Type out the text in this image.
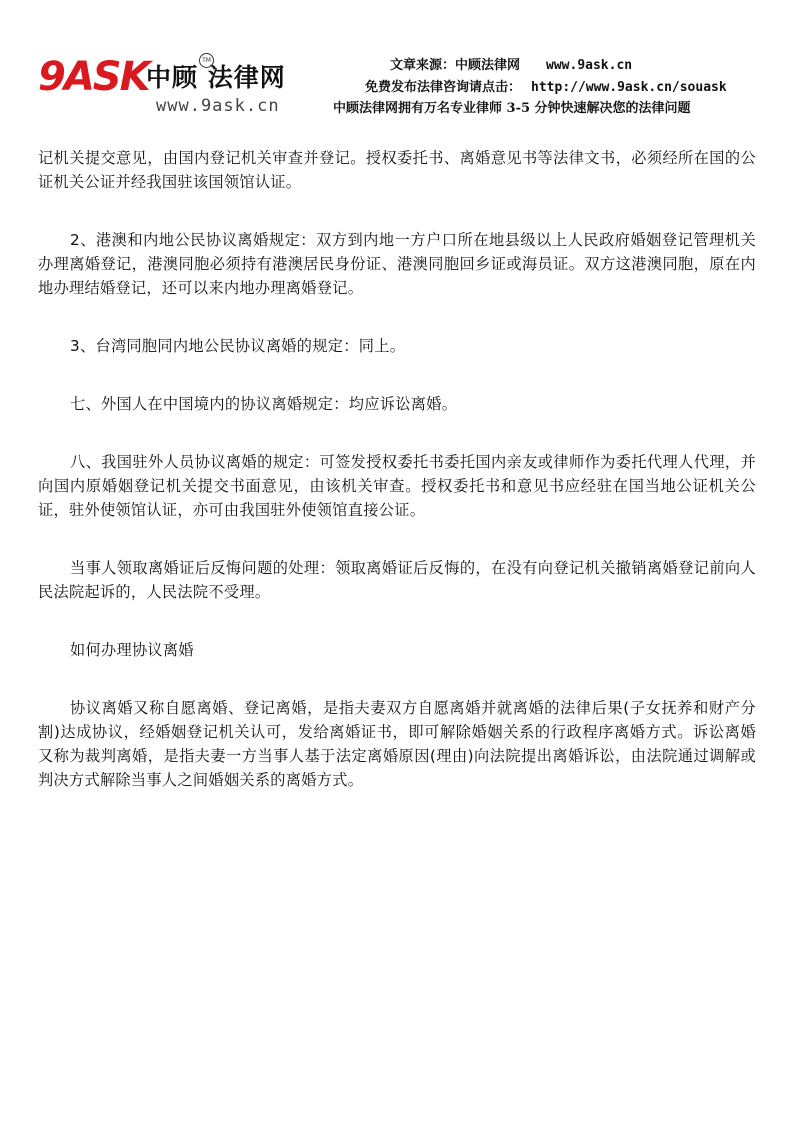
9ASK
中顾 法律网
TM
www.9ask.cn
文章来源：中顾法律网 www.9ask.cn
免费发布法律咨询请点击： http://www.9ask.cn/souask
中顾法律网拥有万名专业律师 3-5 分钟快速解决您的法律问题

记机关提交意见，由国内登记机关审查并登记。授权委托书、离婚意见书等法律文书，必须经所在国的公证机关公证并经我国驻该国领馆认证。

2、港澳和内地公民协议离婚规定：双方到内地一方户口所在地县级以上人民政府婚姻登记管理机关办理离婚登记，港澳同胞必须持有港澳居民身份证、港澳同胞回乡证或海员证。双方这港澳同胞，原在内地办理结婚登记，还可以来内地办理离婚登记。

3、台湾同胞同内地公民协议离婚的规定：同上。

七、外国人在中国境内的协议离婚规定：均应诉讼离婚。

八、我国驻外人员协议离婚的规定：可签发授权委托书委托国内亲友或律师作为委托代理人代理，并向国内原婚姻登记机关提交书面意见，由该机关审查。授权委托书和意见书应经驻在国当地公证机关公证，驻外使领馆认证，亦可由我国驻外使领馆直接公证。

当事人领取离婚证后反悔问题的处理：领取离婚证后反悔的，在没有向登记机关撤销离婚登记前向人民法院起诉的，人民法院不受理。

如何办理协议离婚

协议离婚又称自愿离婚、登记离婚，是指夫妻双方自愿离婚并就离婚的法律后果(子女抚养和财产分割)达成协议，经婚姻登记机关认可，发给离婚证书，即可解除婚姻关系的行政程序离婚方式。诉讼离婚又称为裁判离婚，是指夫妻一方当事人基于法定离婚原因(理由)向法院提出离婚诉讼，由法院通过调解或判决方式解除当事人之间婚姻关系的离婚方式。
